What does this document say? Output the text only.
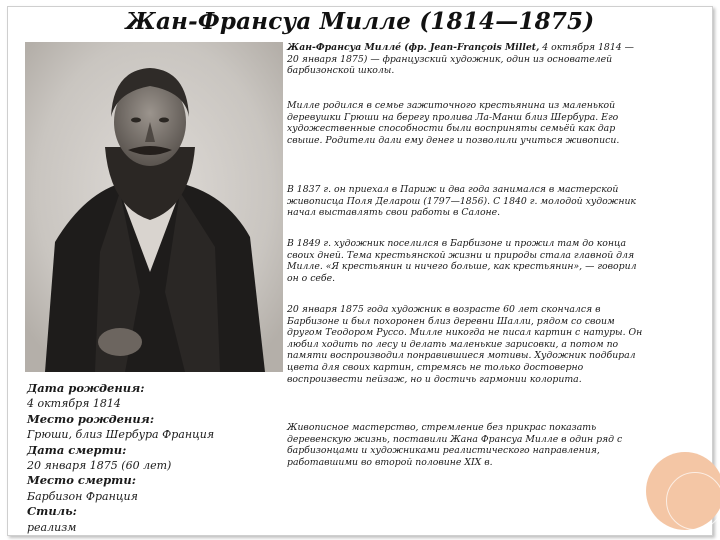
Жан-Франсуа Милле (1814—1875)
Дата рождения:
4 октября 1814
Место рождения:
Грюши, близ Шербура Франция
Дата смерти:
20 января 1875 (60 лет)
Место смерти:
Барбизон Франция
Стиль:
реализм

Жан-Франсуа Милле́ (фр. Jean-François Millet, 4 октября 1814 — 20 января 1875) — французский художник, один из основателей барбизонской школы.

Милле родился в семье зажиточного крестьянина из маленькой деревушки Грюши на берегу пролива Ла-Манш близ Шербура. Его художественные способности были восприняты семьёй как дар свыше. Родители дали ему денег и позволили учиться живописи.

В 1837 г. он приехал в Париж и два года занимался в мастерской живописца Поля Деларош (1797—1856). С 1840 г. молодой художник начал выставлять свои работы в Салоне.

В 1849 г. художник поселился в Барбизоне и прожил там до конца своих дней. Тема крестьянской жизни и природы стала главной для Милле. «Я крестьянин и ничего больше, как крестьянин», — говорил он о себе.

20 января 1875 года художник в возрасте 60 лет скончался в Барбизоне и был похоронен близ деревни Шалли, рядом со своим другом Теодором Руссо. Милле никогда не писал картин с натуры. Он любил ходить по лесу и делать маленькие зарисовки, а потом по памяти воспроизводил понравившиеся мотивы. Художник подбирал цвета для своих картин, стремясь не только достоверно воспроизвести пейзаж, но и достичь гармонии колорита.

Живописное мастерство, стремление без прикрас показать деревенскую жизнь, поставили Жана Франсуа Милле в один ряд с барбизонцами и художниками реалистического направления, работавшими во второй половине XIX в.
